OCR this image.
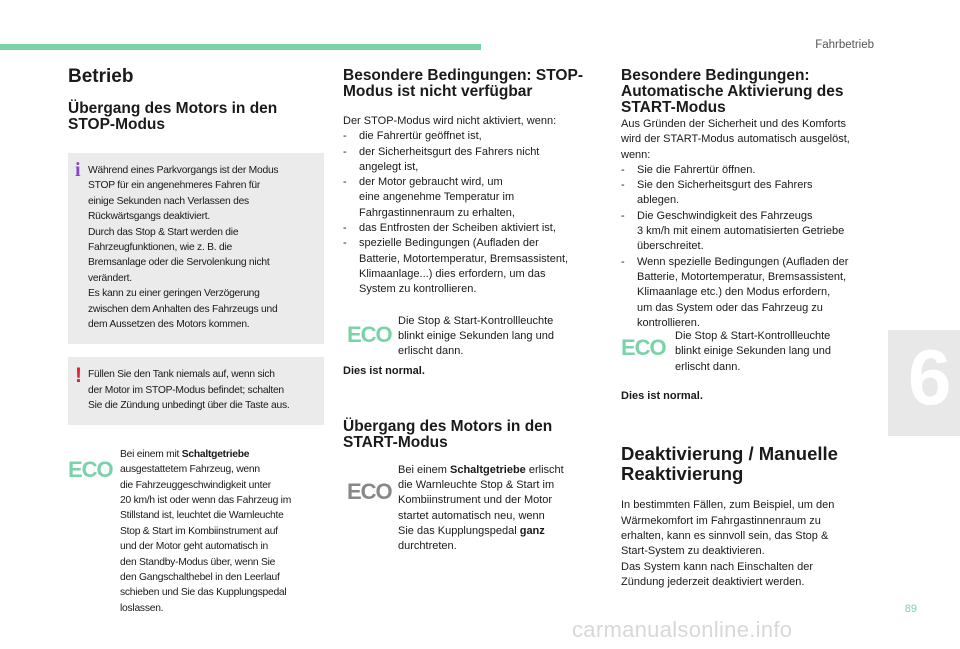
Fahrbetrieb
6
Betrieb
Übergang des Motors in den
STOP-Modus
i Während eines Parkvorgangs ist der Modus
STOP für ein angenehmeres Fahren für
einige Sekunden nach Verlassen des
Rückwärtsgangs deaktiviert.
Durch das Stop & Start werden die
Fahrzeugfunktionen, wie z. B. die
Bremsanlage oder die Servolenkung nicht
verändert.
Es kann zu einer geringen Verzögerung
zwischen dem Anhalten des Fahrzeugs und
dem Aussetzen des Motors kommen.
! Füllen Sie den Tank niemals auf, wenn sich
der Motor im STOP-Modus befindet; schalten
Sie die Zündung unbedingt über die Taste aus.
ECO
Bei einem mit Schaltgetriebe
ausgestattetem Fahrzeug, wenn
die Fahrzeuggeschwindigkeit unter
20 km/h ist oder wenn das Fahrzeug im
Stillstand ist, leuchtet die Warnleuchte
Stop & Start im Kombiinstrument auf
und der Motor geht automatisch in
den Standby-Modus über, wenn Sie
den Gangschalthebel in den Leerlauf
schieben und Sie das Kupplungspedal
loslassen.
Besondere Bedingungen: STOP-
Modus ist nicht verfügbar
Der STOP-Modus wird nicht aktiviert, wenn:
- die Fahrertür geöffnet ist,
- der Sicherheitsgurt des Fahrers nicht
angelegt ist,
- der Motor gebraucht wird, um
eine angenehme Temperatur im
Fahrgastinnenraum zu erhalten,
- das Entfrosten der Scheiben aktiviert ist,
- spezielle Bedingungen (Aufladen der
Batterie, Motortemperatur, Bremsassistent,
Klimaanlage...) dies erfordern, um das
System zu kontrollieren.
ECO
Die Stop & Start-Kontrollleuchte
blinkt einige Sekunden lang und
erlischt dann.
Dies ist normal.
Übergang des Motors in den
START-Modus
ECO
Bei einem Schaltgetriebe erlischt
die Warnleuchte Stop & Start im
Kombiinstrument und der Motor
startet automatisch neu, wenn
Sie das Kupplungspedal ganz
durchtreten.
Besondere Bedingungen:
Automatische Aktivierung des
START-Modus
Aus Gründen der Sicherheit und des Komforts
wird der START-Modus automatisch ausgelöst,
wenn:
- Sie die Fahrertür öffnen.
- Sie den Sicherheitsgurt des Fahrers
ablegen.
- Die Geschwindigkeit des Fahrzeugs
3 km/h mit einem automatisierten Getriebe
überschreitet.
- Wenn spezielle Bedingungen (Aufladen der
Batterie, Motortemperatur, Bremsassistent,
Klimaanlage etc.) den Modus erfordern,
um das System oder das Fahrzeug zu
kontrollieren.
ECO Die Stop & Start-Kontrollleuchte
blinkt einige Sekunden lang und
erlischt dann.
Dies ist normal.
Deaktivierung / Manuelle
Reaktivierung
In bestimmten Fällen, zum Beispiel, um den
Wärmekomfort im Fahrgastinnenraum zu
erhalten, kann es sinnvoll sein, das Stop &
Start-System zu deaktivieren.
Das System kann nach Einschalten der
Zündung jederzeit deaktiviert werden.
89
carmanualsonline.info
